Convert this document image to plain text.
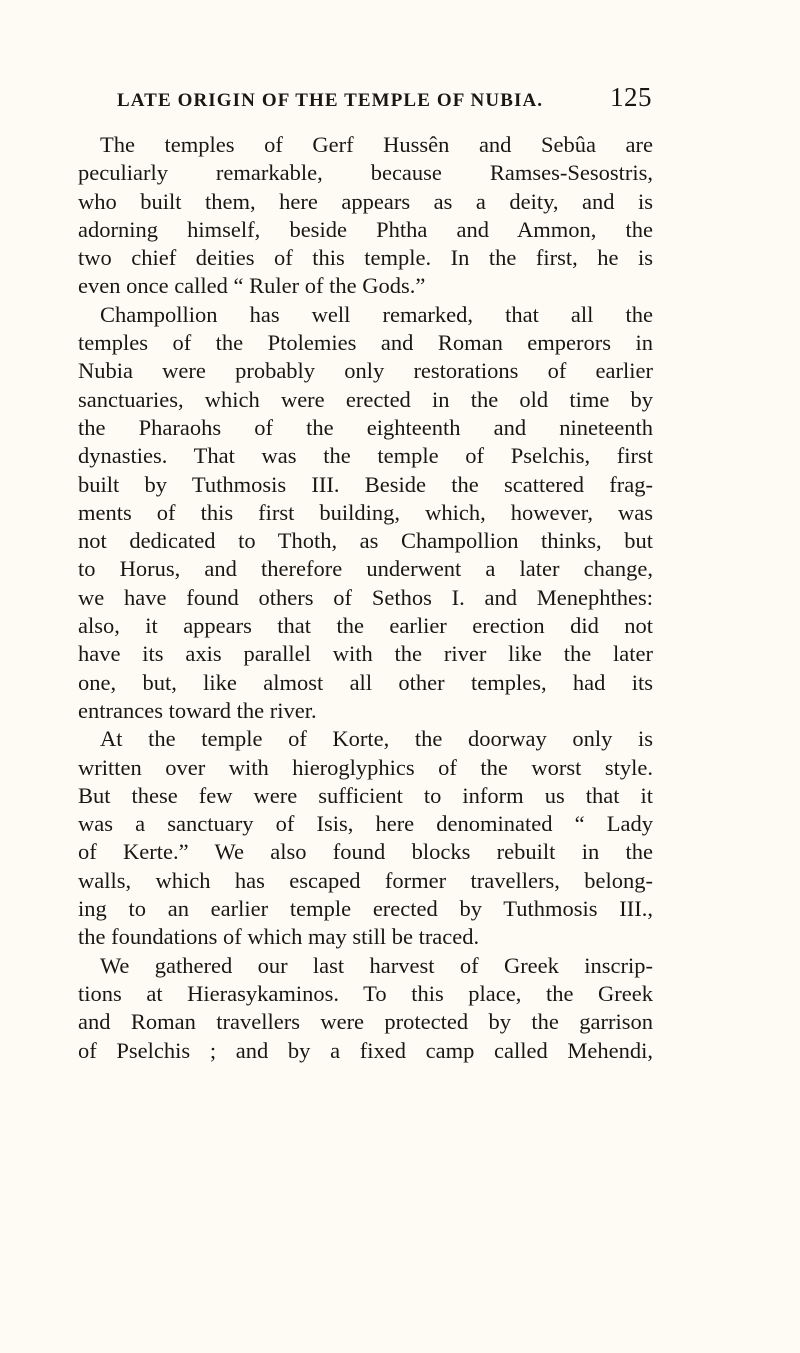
LATE ORIGIN OF THE TEMPLE OF NUBIA. 125
The temples of Gerf Hussên and Sebûa are
peculiarly remarkable, because Ramses-Sesostris,
who built them, here appears as a deity, and is
adorning himself, beside Phtha and Ammon, the
two chief deities of this temple. In the first, he is
even once called “ Ruler of the Gods.”
Champollion has well remarked, that all the
temples of the Ptolemies and Roman emperors in
Nubia were probably only restorations of earlier
sanctuaries, which were erected in the old time by
the Pharaohs of the eighteenth and nineteenth
dynasties. That was the temple of Pselchis, first
built by Tuthmosis III. Beside the scattered frag-
ments of this first building, which, however, was
not dedicated to Thoth, as Champollion thinks, but
to Horus, and therefore underwent a later change,
we have found others of Sethos I. and Menephthes:
also, it appears that the earlier erection did not
have its axis parallel with the river like the later
one, but, like almost all other temples, had its
entrances toward the river.
At the temple of Korte, the doorway only is
written over with hieroglyphics of the worst style.
But these few were sufficient to inform us that it
was a sanctuary of Isis, here denominated “ Lady
of Kerte.” We also found blocks rebuilt in the
walls, which has escaped former travellers, belong-
ing to an earlier temple erected by Tuthmosis III.,
the foundations of which may still be traced.
We gathered our last harvest of Greek inscrip-
tions at Hierasykaminos. To this place, the Greek
and Roman travellers were protected by the garrison
of Pselchis ; and by a fixed camp called Mehendi,
